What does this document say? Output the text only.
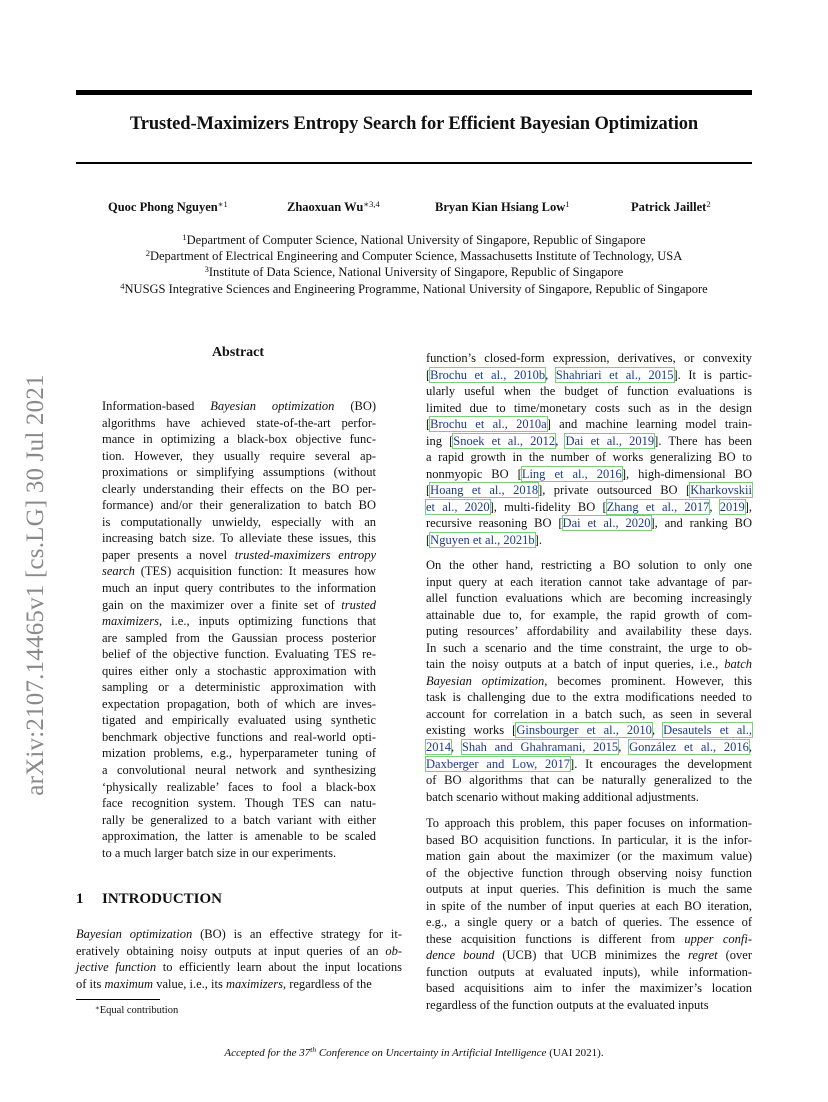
Trusted-Maximizers Entropy Search for Efficient Bayesian Optimization
Quoc Phong Nguyen$^{∗1}$	Zhaoxuan $Wu^{∗3,4}$	Bryan Kian Hsiang Low$^1$	Patrick Jaillet$^2$
$^1$Department of Computer Science, National University of Singapore, Republic of Singapore
$^2$Department of Electrical Engineering and Computer Science, Massachusetts Institute of Technology, USA
$^3$Institute of Data Science, National University of Singapore, Republic of Singapore
$^4$NUSGS Integrative Sciences and Engineering Programme, National University of Singapore, Republic of Singapore
arXiv:2107.14465v1 [cs.LG] 30 Jul 2021
Abstract
Information-based Bayesian optimization (BO)
algorithms have achieved state-of-the-art perfor-
mance in optimizing a black-box objective func-
tion. However, they usually require several ap-
proximations or simplifying assumptions (without
clearly understanding their effects on the BO per-
formance) and/or their generalization to batch BO
is computationally unwieldy, especially with an
increasing batch size. To alleviate these issues, this
paper presents a novel trusted-maximizers entropy
search (TES) acquisition function: It measures how
much an input query contributes to the information
gain on the maximizer over a finite set of trusted
maximizers, i.e., inputs optimizing functions that
are sampled from the Gaussian process posterior
belief of the objective function. Evaluating TES re-
quires either only a stochastic approximation with
sampling or a deterministic approximation with
expectation propagation, both of which are inves-
tigated and empirically evaluated using synthetic
benchmark objective functions and real-world opti-
mization problems, e.g., hyperparameter tuning of
a convolutional neural network and synthesizing
‘physically realizable’ faces to fool a black-box
face recognition system. Though TES can natu-
rally be generalized to a batch variant with either
approximation, the latter is amenable to be scaled
to a much larger batch size in our experiments.
1 INTRODUCTION
Bayesian optimization (BO) is an effective strategy for it-
eratively obtaining noisy outputs at input queries of an ob-
jective function to efficiently learn about the input locations
of its maximum value, i.e., its maximizers, regardless of the
function’s closed-form expression, derivatives, or convexity
[Brochu et al., 2010b, Shahriari et al., 2015]. It is partic-
ularly useful when the budget of function evaluations is
limited due to time/monetary costs such as in the design
[Brochu et al., 2010a] and machine learning model train-
ing [Snoek et al., 2012, Dai et al., 2019]. There has been
a rapid growth in the number of works generalizing BO to
nonmyopic BO [Ling et al., 2016], high-dimensional BO
[Hoang et al., 2018], private outsourced BO [Kharkovskii
et al., 2020], multi-fidelity BO [Zhang et al., 2017, 2019],
recursive reasoning BO [Dai et al., 2020], and ranking BO
[Nguyen et al., 2021b].
On the other hand, restricting a BO solution to only one
input query at each iteration cannot take advantage of par-
allel function evaluations which are becoming increasingly
attainable due to, for example, the rapid growth of com-
puting resources’ affordability and availability these days.
In such a scenario and the time constraint, the urge to ob-
tain the noisy outputs at a batch of input queries, i.e., batch
Bayesian optimization, becomes prominent. However, this
task is challenging due to the extra modifications needed to
account for correlation in a batch such, as seen in several
existing works [Ginsbourger et al., 2010, Desautels et al.,
2014, Shah and Ghahramani, 2015, González et al., 2016,
Daxberger and Low, 2017]. It encourages the development
of BO algorithms that can be naturally generalized to the
batch scenario without making additional adjustments.
To approach this problem, this paper focuses on information-
based BO acquisition functions. In particular, it is the infor-
mation gain about the maximizer (or the maximum value)
of the objective function through observing noisy function
outputs at input queries. This definition is much the same
in spite of the number of input queries at each BO iteration,
e.g., a single query or a batch of queries. The essence of
these acquisition functions is different from upper confi-
dence bound (UCB) that UCB minimizes the regret (over
function outputs at evaluated inputs), while information-
based acquisitions aim to infer the maximizer’s location
regardless of the function outputs at the evaluated inputs
∗Equal contribution
Accepted for the 37th Conference on Uncertainty in Artificial Intelligence (UAI 2021).
